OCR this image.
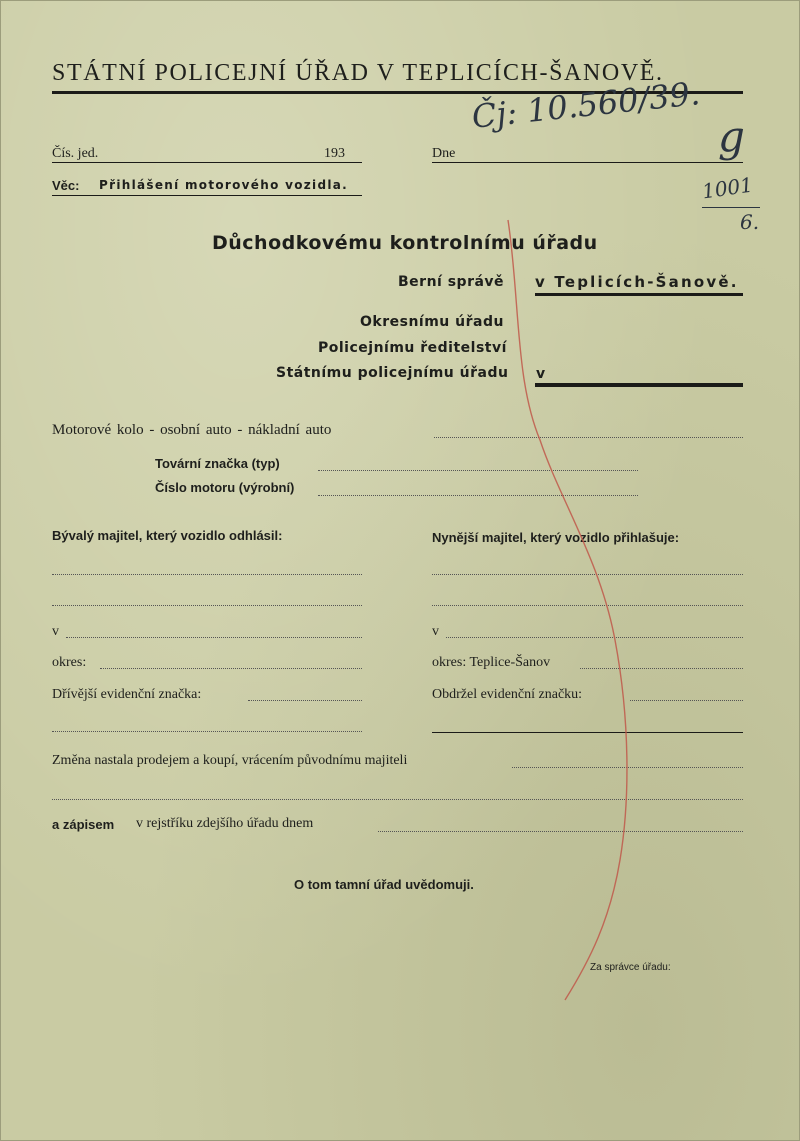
STÁTNÍ POLICEJNÍ ÚŘAD V TEPLICÍCH-ŠANOVĚ.
Čís. jed.	193	Dne
Čj: 10.560/39.
g
1001
6.
Věc: Přihlášení motorového vozidla.
Důchodkovému kontrolnímu úřadu
Berní správě v Teplicích-Šanově.
Okresnímu úřadu
Policejnímu ředitelství
Státnímu policejnímu úřadu v
Motorové kolo - osobní auto - nákladní auto
Tovární značka (typ)
Číslo motoru (výrobní)
Bývalý majitel, který vozidlo odhlásil:	Nynější majitel, který vozidlo přihlašuje:
v	v
okres:	okres: Teplice-Šanov
Dřívější evidenční značka:	Obdržel evidenční značku:
Změna nastala prodejem a koupí, vrácením původnímu majiteli
a zápisem v rejstříku zdejšího úřadu dnem
O tom tamní úřad uvědomuji.
Za správce úřadu:
